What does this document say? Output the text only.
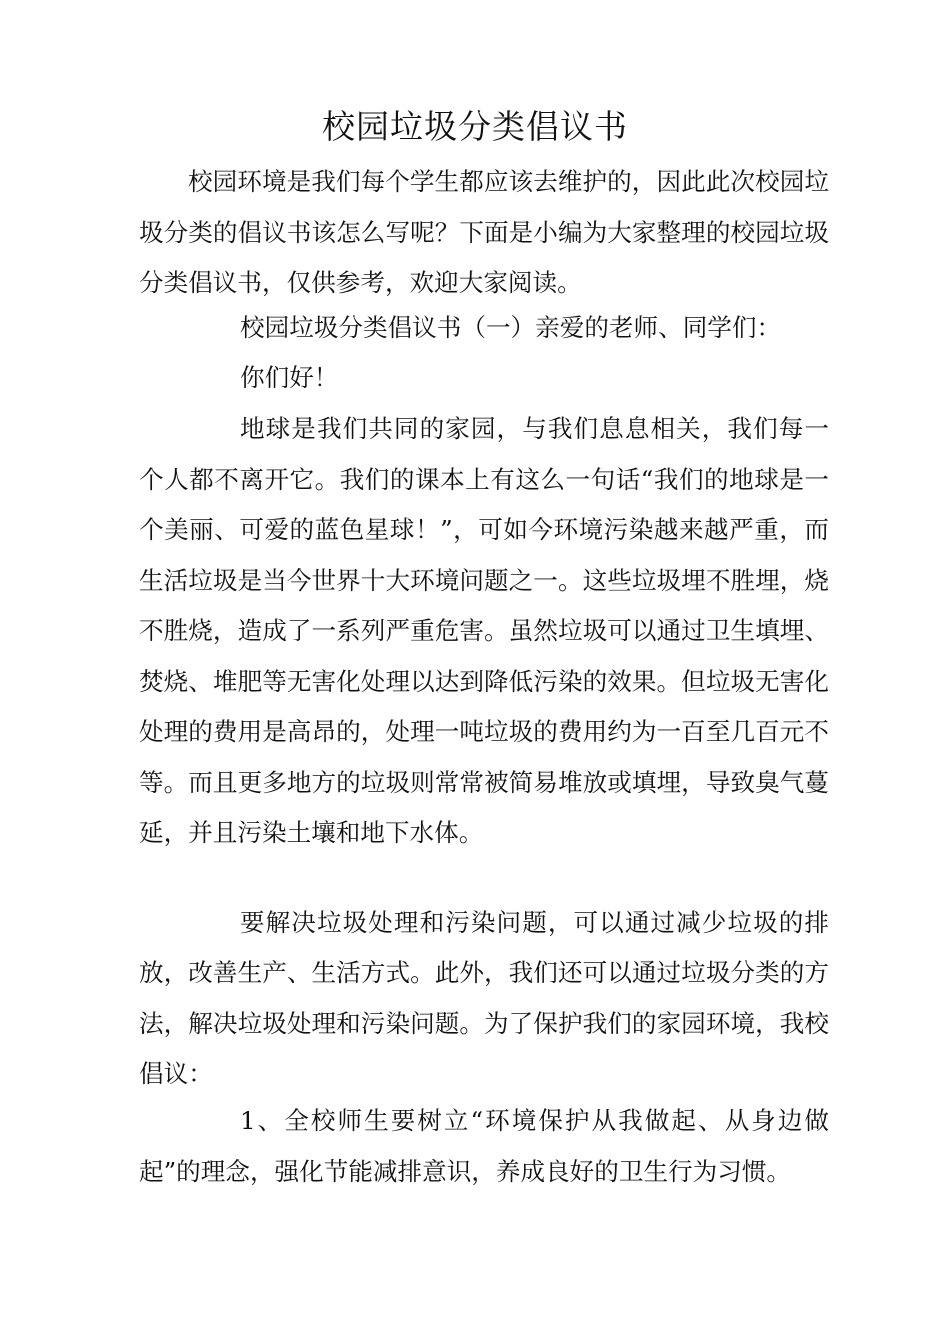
校园垃圾分类倡议书

校园环境是我们每个学生都应该去维护的，因此此次校园垃圾分类的倡议书该怎么写呢？下面是小编为大家整理的校园垃圾分类倡议书，仅供参考，欢迎大家阅读。

校园垃圾分类倡议书（一）亲爱的老师、同学们：

你们好！

地球是我们共同的家园，与我们息息相关，我们每一个人都不离开它。我们的课本上有这么一句话“我们的地球是一个美丽、可爱的蓝色星球！”，可如今环境污染越来越严重，而生活垃圾是当今世界十大环境问题之一。这些垃圾埋不胜埋，烧不胜烧，造成了一系列严重危害。虽然垃圾可以通过卫生填埋、焚烧、堆肥等无害化处理以达到降低污染的效果。但垃圾无害化处理的费用是高昂的，处理一吨垃圾的费用约为一百至几百元不等。而且更多地方的垃圾则常常被简易堆放或填埋，导致臭气蔓延，并且污染土壤和地下水体。

要解决垃圾处理和污染问题，可以通过减少垃圾的排放，改善生产、生活方式。此外，我们还可以通过垃圾分类的方法，解决垃圾处理和污染问题。为了保护我们的家园环境，我校倡议：

1、全校师生要树立“环境保护从我做起、从身边做起”的理念，强化节能减排意识，养成良好的卫生行为习惯。
